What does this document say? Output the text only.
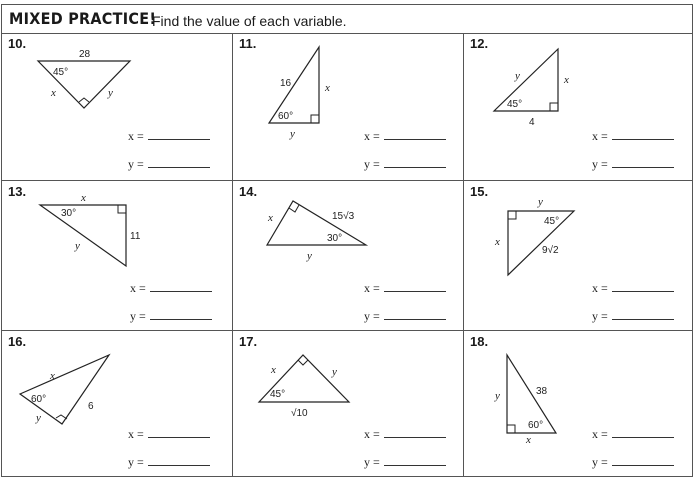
MIXED PRACTICE!
Find the value of each variable.
10.
28
45°
x	y
x =
y =
11.
16
60°
x
y	x =
y =
12.
y
45°
x
4
x =
y =
13.	x
30°
11
y
x =
y =
14.
x	15√3
30°
y
x =
y =
15.
y
45°
x
9√2
x =
y =
16.
x
60°
6
y
x =
y =
17.
x	y
45°
√10
x =
y =
18.
y	38
60°
x	x =
y =
